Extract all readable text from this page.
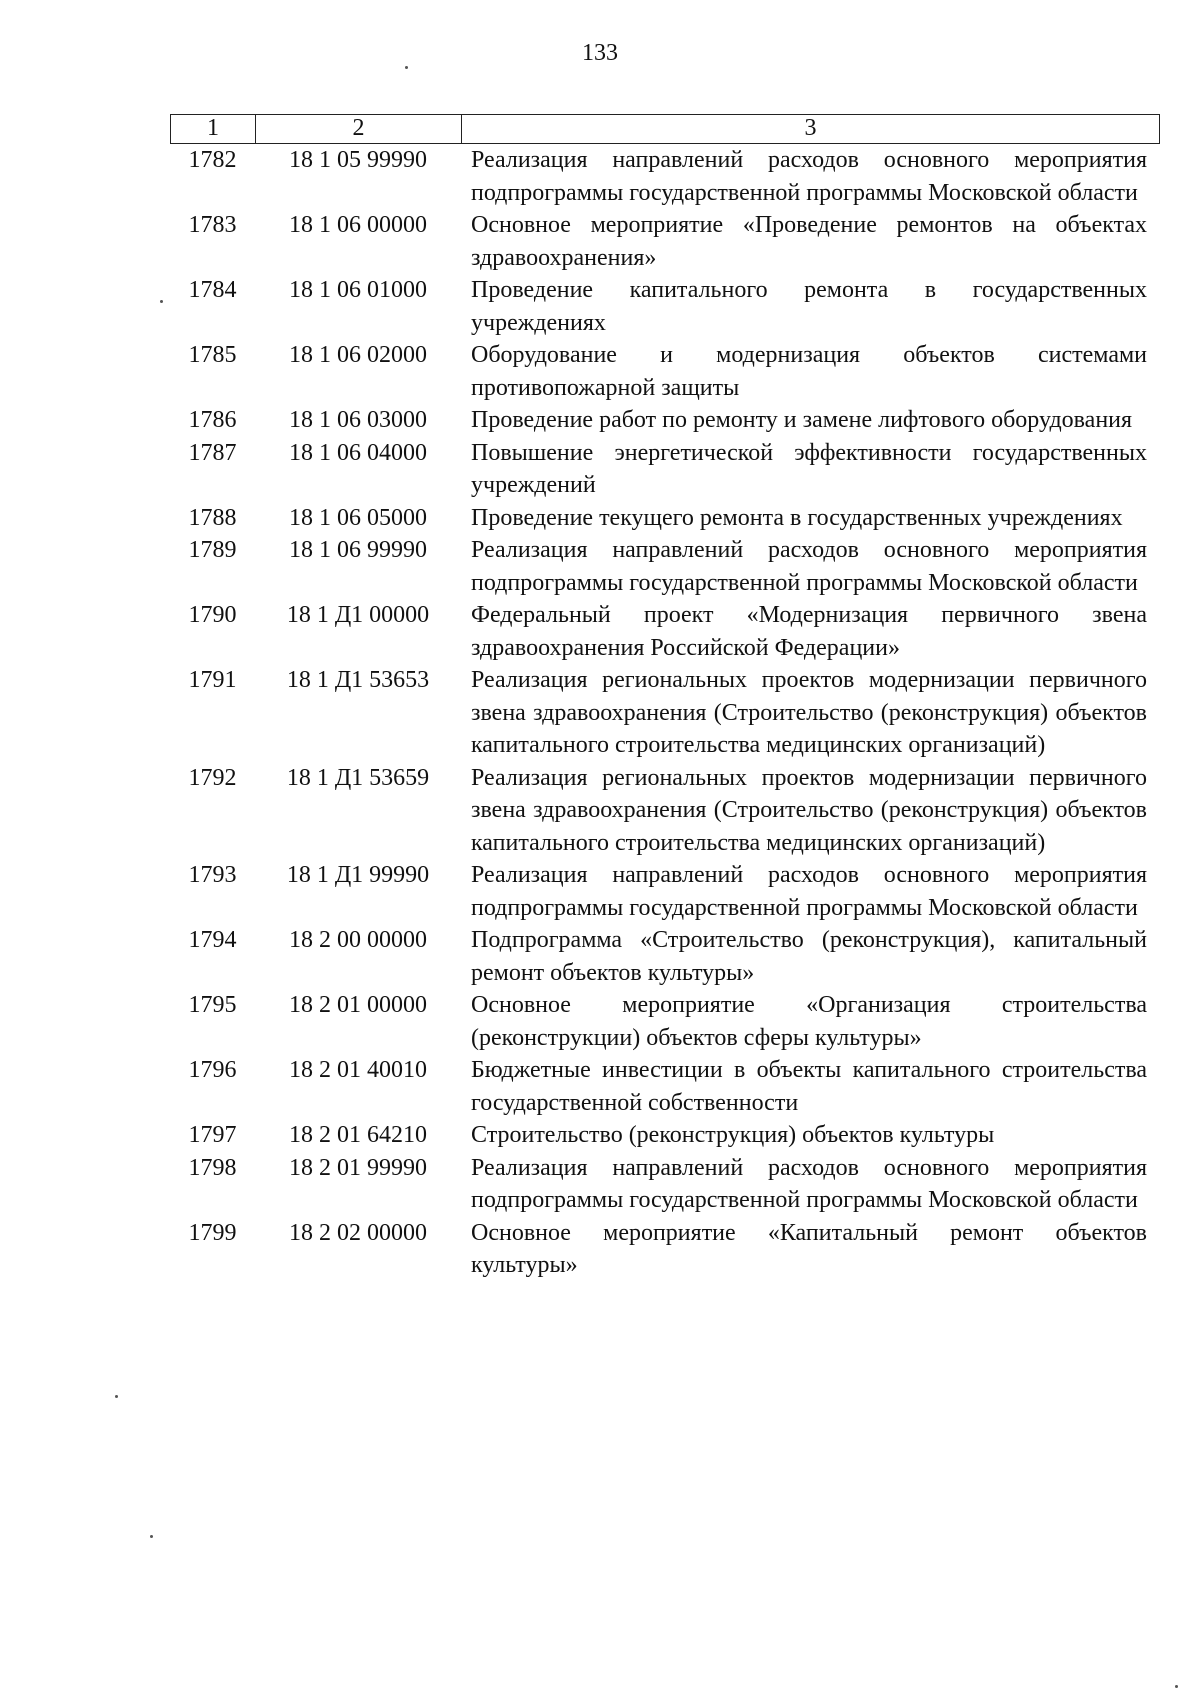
133
1	2	3
1782	18 1 05 99990	Реализация направлений расходов основного мероприятия подпрограммы государственной программы Московской области
1783	18 1 06 00000	Основное мероприятие «Проведение ремонтов на объектах здравоохранения»
1784	18 1 06 01000	Проведение капитального ремонта в государственных учреждениях
1785	18 1 06 02000	Оборудование и модернизация объектов системами противопожарной защиты
1786	18 1 06 03000	Проведение работ по ремонту и замене лифтового оборудования
1787	18 1 06 04000	Повышение энергетической эффективности государственных учреждений
1788	18 1 06 05000	Проведение текущего ремонта в государственных учреждениях
1789	18 1 06 99990	Реализация направлений расходов основного мероприятия подпрограммы государственной программы Московской области
1790	18 1 Д1 00000	Федеральный проект «Модернизация первичного звена здравоохранения Российской Федерации»
1791	18 1 Д1 53653	Реализация региональных проектов модернизации первичного звена здравоохранения (Строительство (реконструкция) объектов капитального строительства медицинских организаций)
1792	18 1 Д1 53659	Реализация региональных проектов модернизации первичного звена здравоохранения (Строительство (реконструкция) объектов капитального строительства медицинских организаций)
1793	18 1 Д1 99990	Реализация направлений расходов основного мероприятия подпрограммы государственной программы Московской области
1794	18 2 00 00000	Подпрограмма «Строительство (реконструкция), капитальный ремонт объектов культуры»
1795	18 2 01 00000	Основное мероприятие «Организация строительства (реконструкции) объектов сферы культуры»
1796	18 2 01 40010	Бюджетные инвестиции в объекты капитального строительства государственной собственности
1797	18 2 01 64210	Строительство (реконструкция) объектов культуры
1798	18 2 01 99990	Реализация направлений расходов основного мероприятия подпрограммы государственной программы Московской области
1799	18 2 02 00000	Основное мероприятие «Капитальный ремонт объектов культуры»
